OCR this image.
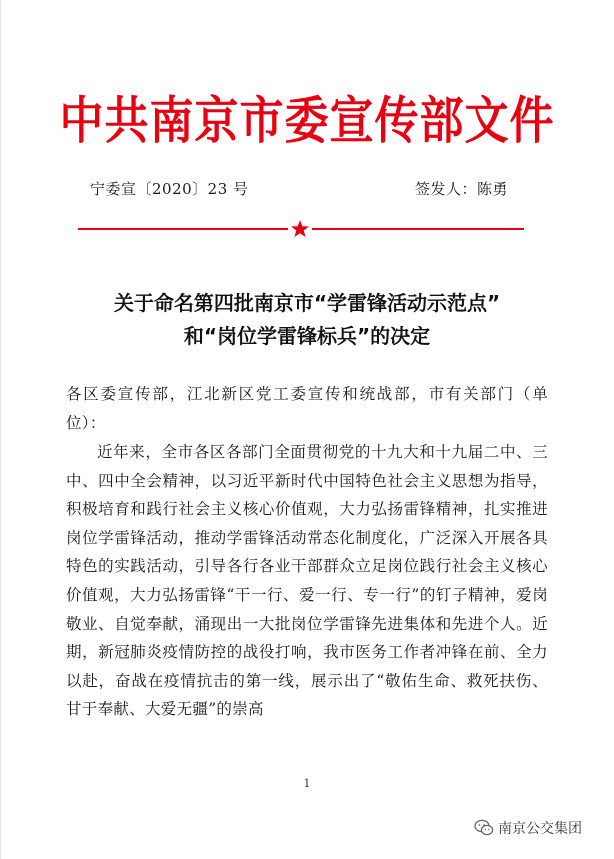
中共南京市委宣传部文件
宁委宣〔2020〕23 号	签发人：陈勇
关于命名第四批南京市“学雷锋活动示范点”
和“岗位学雷锋标兵”的决定
各区委宣传部，江北新区党工委宣传和统战部，市有关部门（单位）：
近年来，全市各区各部门全面贯彻党的十九大和十九届二中、三中、四中全会精神，以习近平新时代中国特色社会主义思想为指导，积极培育和践行社会主义核心价值观，大力弘扬雷锋精神，扎实推进岗位学雷锋活动，推动学雷锋活动常态化制度化，广泛深入开展各具特色的实践活动，引导各行各业干部群众立足岗位践行社会主义核心价值观，大力弘扬雷锋“干一行、爱一行、专一行”的钉子精神，爱岗敬业、自觉奉献，涌现出一大批岗位学雷锋先进集体和先进个人。近期，新冠肺炎疫情防控的战役打响，我市医务工作者冲锋在前、全力以赴，奋战在疫情抗击的第一线，展示出了“敬佑生命、救死扶伤、甘于奉献、大爱无疆”的崇高
1
南京公交集团
